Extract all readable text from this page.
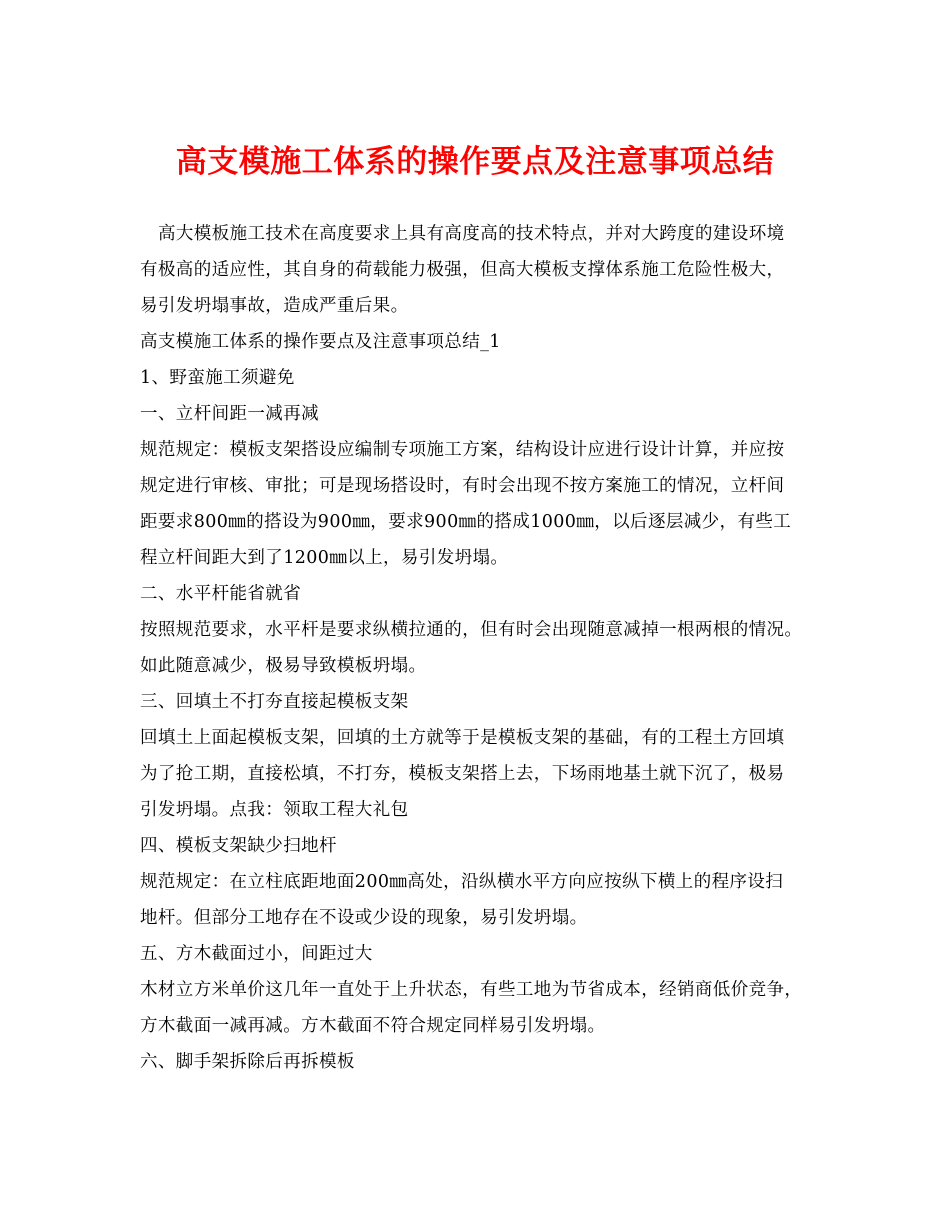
高支模施工体系的操作要点及注意事项总结
高大模板施工技术在高度要求上具有高度高的技术特点，并对大跨度的建设环境
有极高的适应性，其自身的荷载能力极强，但高大模板支撑体系施工危险性极大，
易引发坍塌事故，造成严重后果。
高支模施工体系的操作要点及注意事项总结_1
1、野蛮施工须避免
一、立杆间距一减再减
规范规定：模板支架搭设应编制专项施工方案，结构设计应进行设计计算，并应按
规定进行审核、审批；可是现场搭设时，有时会出现不按方案施工的情况，立杆间
距要求800㎜的搭设为900㎜，要求900㎜的搭成1000㎜，以后逐层减少，有些工
程立杆间距大到了1200㎜以上，易引发坍塌。
二、水平杆能省就省
按照规范要求，水平杆是要求纵横拉通的，但有时会出现随意减掉一根两根的情况。
如此随意减少，极易导致模板坍塌。
三、回填土不打夯直接起模板支架
回填土上面起模板支架，回填的土方就等于是模板支架的基础，有的工程土方回填
为了抢工期，直接松填，不打夯，模板支架搭上去，下场雨地基土就下沉了，极易
引发坍塌。点我：领取工程大礼包
四、模板支架缺少扫地杆
规范规定：在立柱底距地面200㎜高处，沿纵横水平方向应按纵下横上的程序设扫
地杆。但部分工地存在不设或少设的现象，易引发坍塌。
五、方木截面过小，间距过大
木材立方米单价这几年一直处于上升状态，有些工地为节省成本，经销商低价竞争，
方木截面一减再减。方木截面不符合规定同样易引发坍塌。
六、脚手架拆除后再拆模板
